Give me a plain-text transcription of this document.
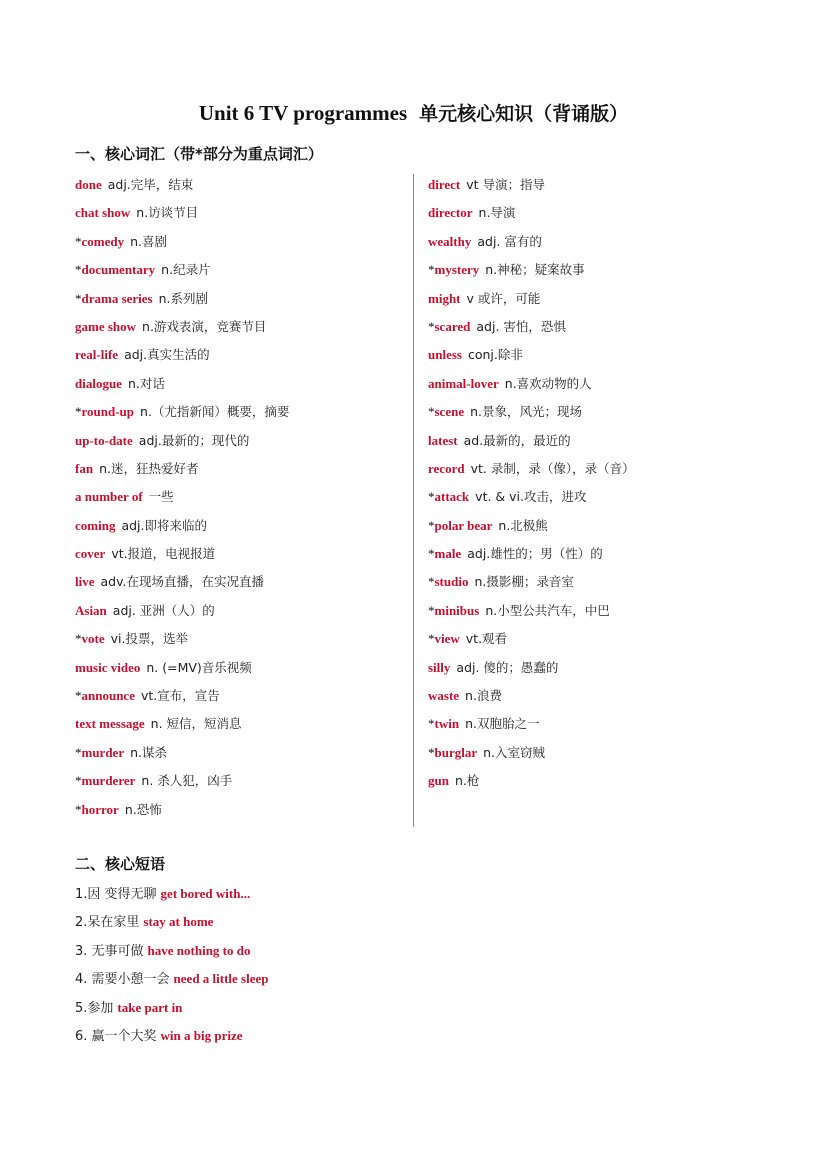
Unit 6 TV programmes 单元核心知识（背诵版）
一、核心词汇（带*部分为重点词汇）
done adj.完毕，结束
chat show n.访谈节目
*comedy n.喜剧
*documentary n.纪录片
*drama series n.系列剧
game show n.游戏表演，竞赛节目
real-life adj.真实生活的
dialogue n.对话
*round-up n.（尤指新闻）概要，摘要
up-to-date adj.最新的；现代的
fan n.迷，狂热爱好者
a number of 一些
coming adj.即将来临的
cover vt.报道，电视报道
live adv.在现场直播，在实况直播
Asian adj. 亚洲（人）的
*vote vi.投票，选举
music video n. (=MV)音乐视频
*announce vt.宣布，宣告
text message n. 短信，短消息
*murder n.谋杀
*murderer n. 杀人犯，凶手
*horror n.恐怖
direct vt 导演；指导
director n.导演
wealthy adj. 富有的
*mystery n.神秘；疑案故事
might v 或许，可能
*scared adj. 害怕，恐惧
unless conj.除非
animal-lover n.喜欢动物的人
*scene n.景象，风光；现场
latest ad.最新的，最近的
record vt. 录制，录（像），录（音）
*attack vt. & vi.攻击，进攻
*polar bear n.北极熊
*male adj.雄性的；男（性）的
*studio n.摄影棚；录音室
*minibus n.小型公共汽车，中巴
*view vt.观看
silly adj. 傻的；愚蠢的
waste n.浪费
*twin n.双胞胎之一
*burglar n.入室窃贼
gun n.枪
二、核心短语
1.因 变得无聊 get bored with...
2.呆在家里 stay at home
3. 无事可做 have nothing to do
4. 需要小憩一会 need a little sleep
5.参加 take part in
6. 赢一个大奖 win a big prize
